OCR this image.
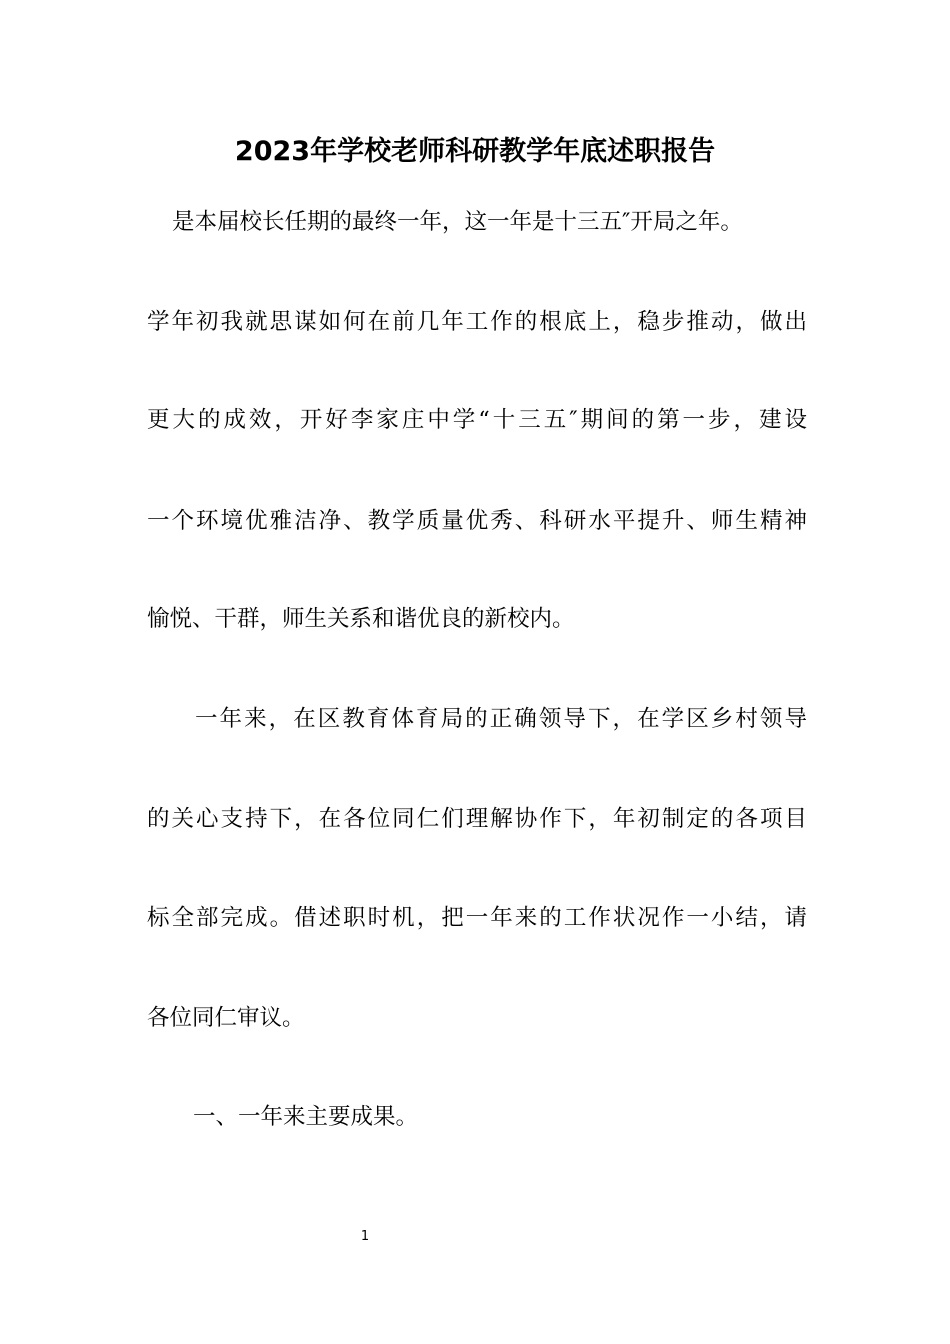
2023年学校老师科研教学年底述职报告

是本届校长任期的最终一年，这一年是十三五″开局之年。

学年初我就思谋如何在前几年工作的根底上，稳步推动，做出

更大的成效，开好李家庄中学“十三五″期间的第一步，建设

一个环境优雅洁净、教学质量优秀、科研水平提升、师生精神

愉悦、干群，师生关系和谐优良的新校内。

一年来，在区教育体育局的正确领导下，在学区乡村领导

的关心支持下，在各位同仁们理解协作下，年初制定的各项目

标全部完成。借述职时机，把一年来的工作状况作一小结，请

各位同仁审议。

一、一年来主要成果。

1
